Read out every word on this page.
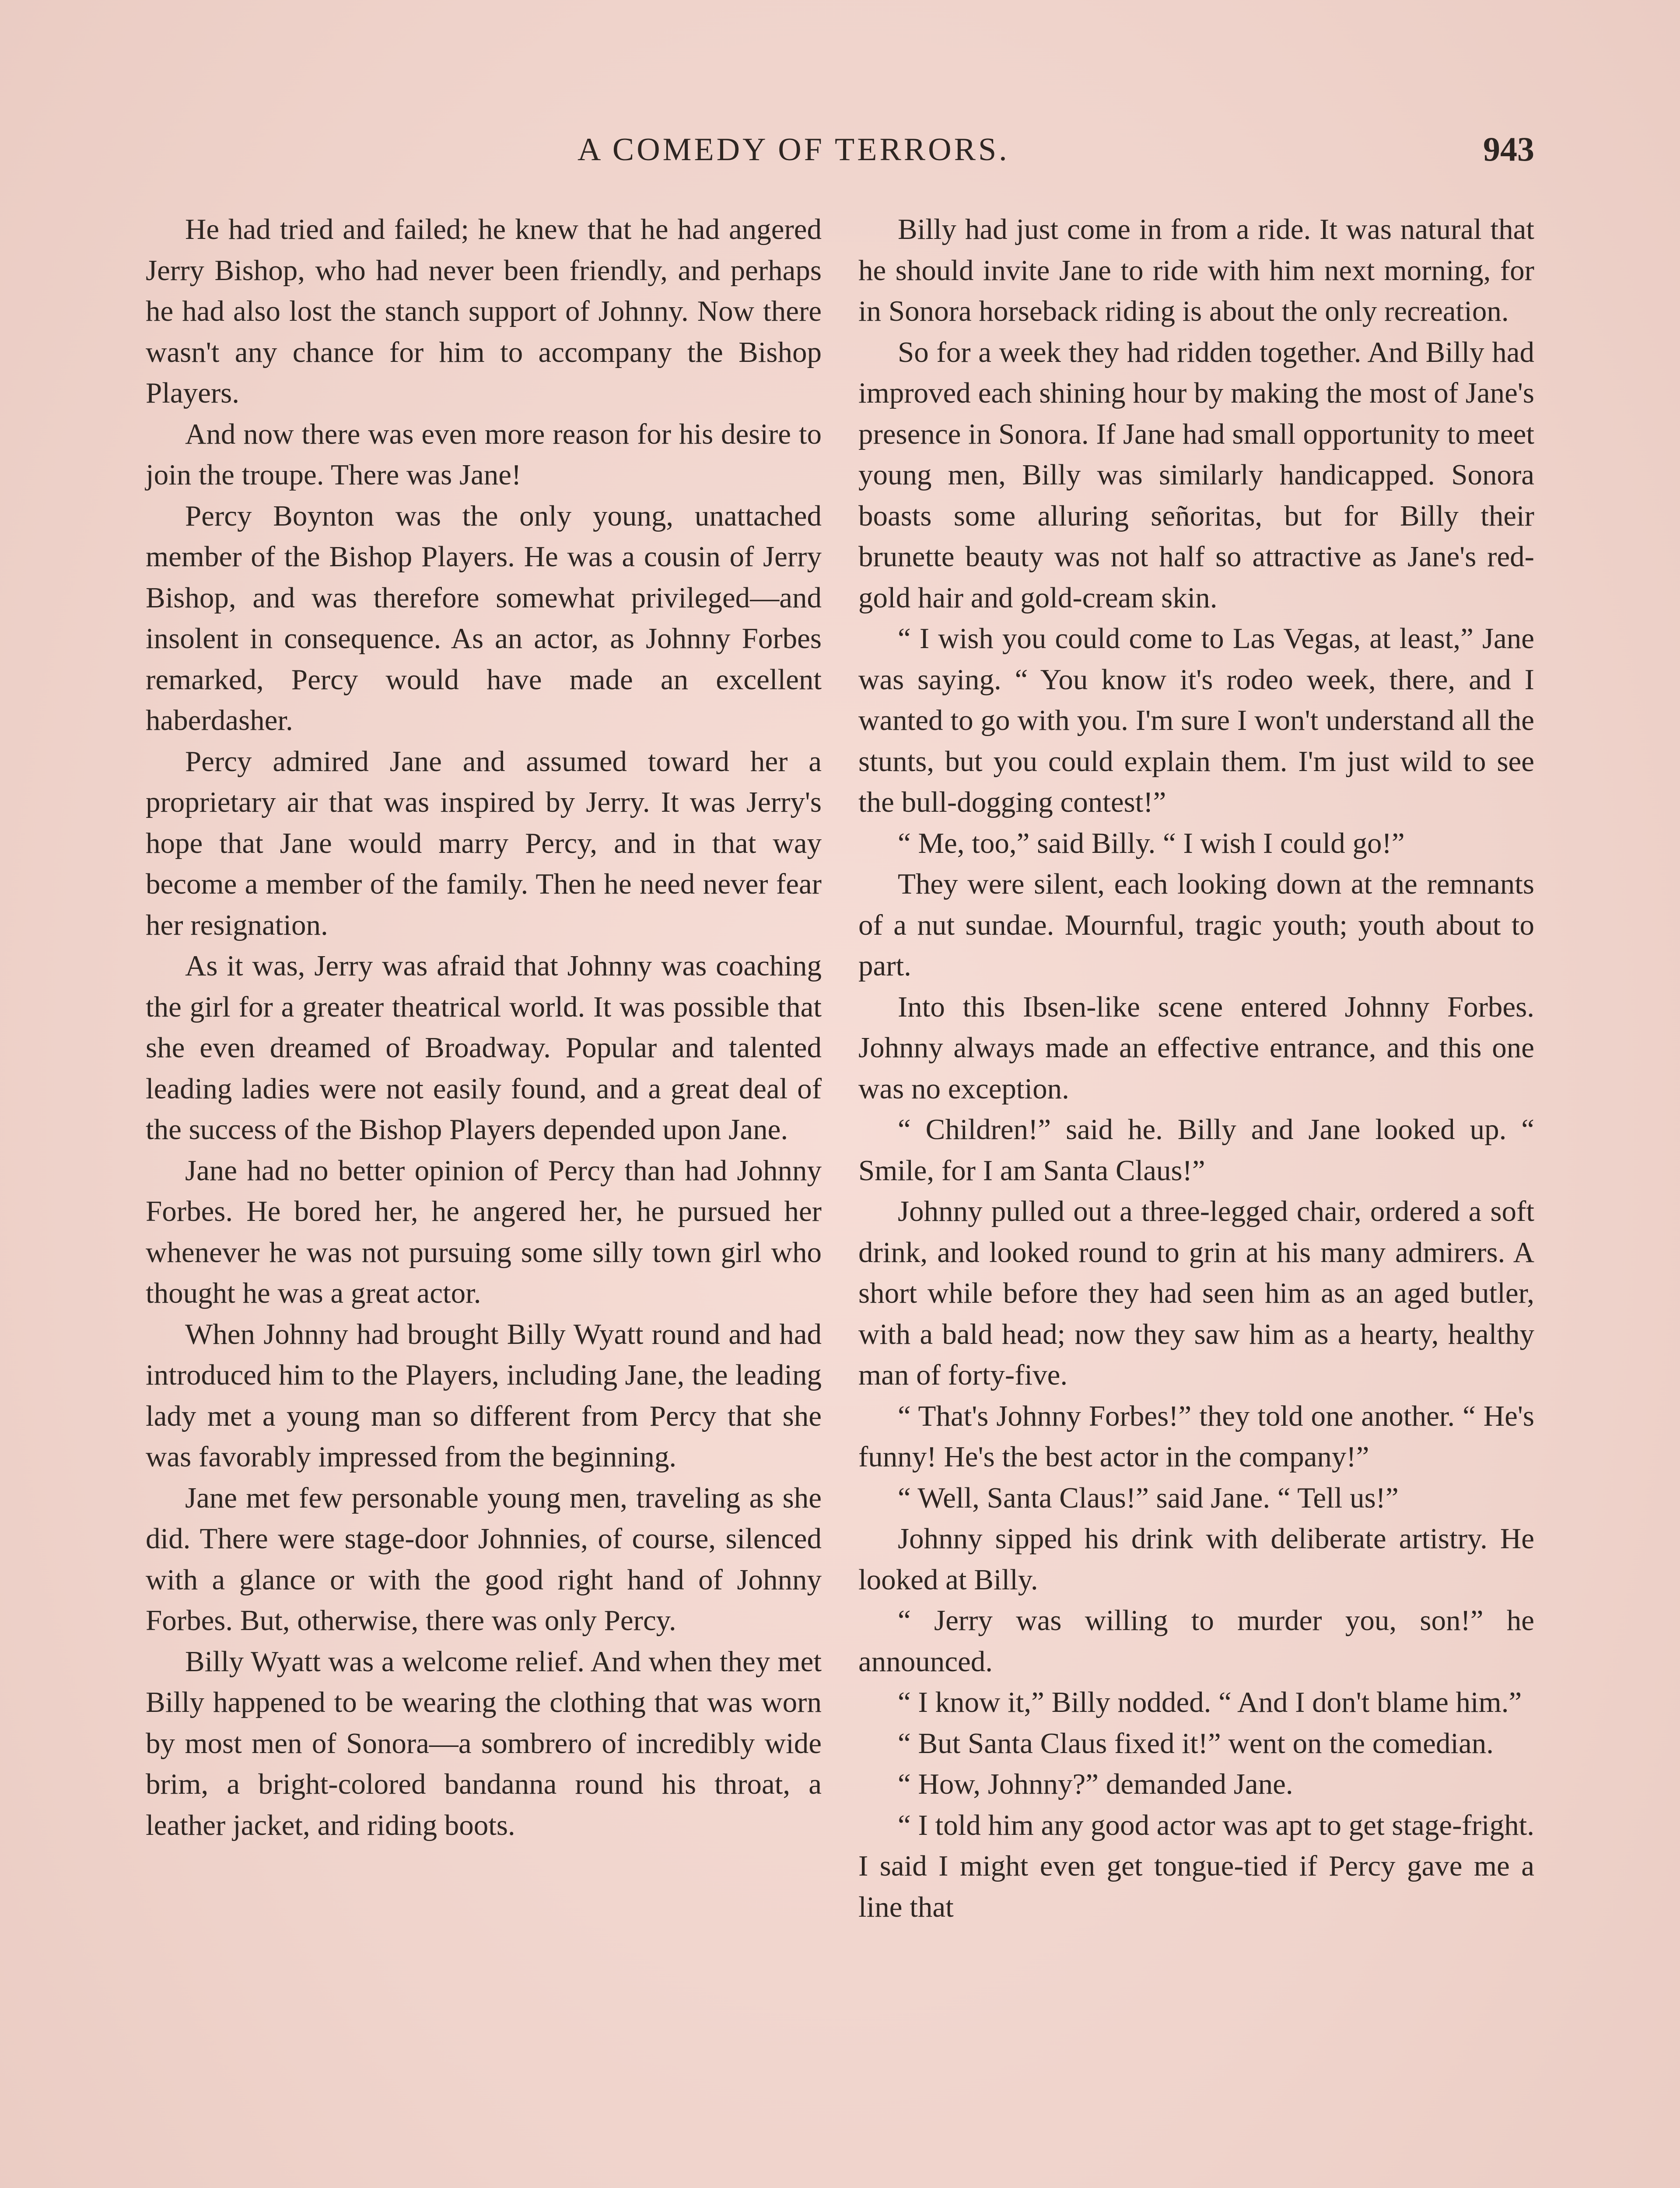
A COMEDY OF TERRORS.	943

He had tried and failed; he knew that he had angered Jerry Bishop, who had never been friendly, and perhaps he had also lost the stanch support of Johnny. Now there wasn't any chance for him to accompany the Bishop Players.

And now there was even more reason for his desire to join the troupe. There was Jane!

Percy Boynton was the only young, unattached member of the Bishop Players. He was a cousin of Jerry Bishop, and was therefore somewhat privileged—and insolent in consequence. As an actor, as Johnny Forbes remarked, Percy would have made an excellent haberdasher.

Percy admired Jane and assumed toward her a proprietary air that was inspired by Jerry. It was Jerry's hope that Jane would marry Percy, and in that way become a member of the family. Then he need never fear her resignation.

As it was, Jerry was afraid that Johnny was coaching the girl for a greater theatrical world. It was possible that she even dreamed of Broadway. Popular and talented leading ladies were not easily found, and a great deal of the success of the Bishop Players depended upon Jane.

Jane had no better opinion of Percy than had Johnny Forbes. He bored her, he angered her, he pursued her whenever he was not pursuing some silly town girl who thought he was a great actor.

When Johnny had brought Billy Wyatt round and had introduced him to the Players, including Jane, the leading lady met a young man so different from Percy that she was favorably impressed from the beginning.

Jane met few personable young men, traveling as she did. There were stage-door Johnnies, of course, silenced with a glance or with the good right hand of Johnny Forbes. But, otherwise, there was only Percy.

Billy Wyatt was a welcome relief. And when they met Billy happened to be wearing the clothing that was worn by most men of Sonora—a sombrero of incredibly wide brim, a bright-colored bandanna round his throat, a leather jacket, and riding boots.

Billy had just come in from a ride. It was natural that he should invite Jane to ride with him next morning, for in Sonora horseback riding is about the only recreation.

So for a week they had ridden together. And Billy had improved each shining hour by making the most of Jane's presence in Sonora. If Jane had small opportunity to meet young men, Billy was similarly handicapped. Sonora boasts some alluring señoritas, but for Billy their brunette beauty was not half so attractive as Jane's red-gold hair and gold-cream skin.

“ I wish you could come to Las Vegas, at least,” Jane was saying. “ You know it's rodeo week, there, and I wanted to go with you. I'm sure I won't understand all the stunts, but you could explain them. I'm just wild to see the bull-dogging contest!”

“ Me, too,” said Billy. “ I wish I could go!”

They were silent, each looking down at the remnants of a nut sundae. Mournful, tragic youth; youth about to part.

Into this Ibsen-like scene entered Johnny Forbes. Johnny always made an effective entrance, and this one was no exception.

“ Children!” said he. Billy and Jane looked up. “ Smile, for I am Santa Claus!”

Johnny pulled out a three-legged chair, ordered a soft drink, and looked round to grin at his many admirers. A short while before they had seen him as an aged butler, with a bald head; now they saw him as a hearty, healthy man of forty-five.

“ That's Johnny Forbes!” they told one another. “ He's funny! He's the best actor in the company!”

“ Well, Santa Claus!” said Jane. “ Tell us!”

Johnny sipped his drink with deliberate artistry. He looked at Billy.

“ Jerry was willing to murder you, son!” he announced.

“ I know it,” Billy nodded. “ And I don't blame him.”

“ But Santa Claus fixed it!” went on the comedian.

“ How, Johnny?” demanded Jane.

“ I told him any good actor was apt to get stage-fright. I said I might even get tongue-tied if Percy gave me a line that
